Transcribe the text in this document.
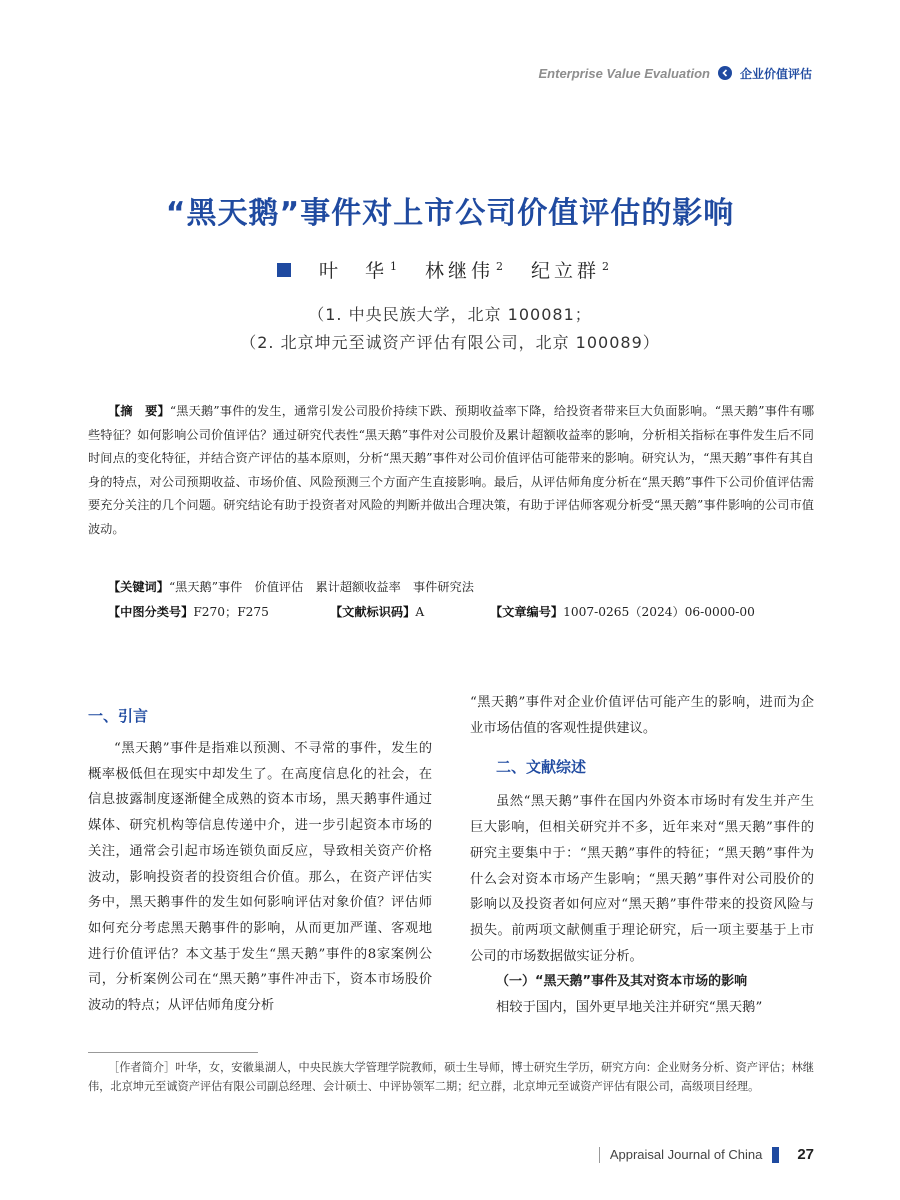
Enterprise Value Evaluation	企业价值评估
“黑天鹅”事件对上市公司价值评估的影响
叶　华 $^1$ 林继伟 $^2$ 纪立群 $^2$
（1. 中央民族大学，北京 100081；
（2. 北京坤元至诚资产评估有限公司，北京 100089）
【摘　要】“黑天鹅”事件的发生，通常引发公司股价持续下跌、预期收益率下降，给投资者带来巨大负面影响。“黑天鹅”事件有哪些特征？如何影响公司价值评估？通过研究代表性“黑天鹅”事件对公司股价及累计超额收益率的影响，分析相关指标在事件发生后不同时间点的变化特征，并结合资产评估的基本原则，分析“黑天鹅”事件对公司价值评估可能带来的影响。研究认为，“黑天鹅”事件有其自身的特点，对公司预期收益、市场价值、风险预测三个方面产生直接影响。最后，从评估师角度分析在“黑天鹅”事件下公司价值评估需要充分关注的几个问题。研究结论有助于投资者对风险的判断并做出合理决策，有助于评估师客观分析受“黑天鹅”事件影响的公司市值波动。
【关键词】“黑天鹅”事件　价值评估　累计超额收益率　事件研究法
【中图分类号】F270；F275	【文献标识码】A	【文章编号】1007-0265（2024）06-0000-00
一、引言

“黑天鹅”事件是指难以预测、不寻常的事件，发生的概率极低但在现实中却发生了。在高度信息化的社会，在信息披露制度逐渐健全成熟的资本市场，黑天鹅事件通过媒体、研究机构等信息传递中介，进一步引起资本市场的关注，通常会引起市场连锁负面反应，导致相关资产价格波动，影响投资者的投资组合价值。那么，在资产评估实务中，黑天鹅事件的发生如何影响评估对象价值？评估师如何充分考虑黑天鹅事件的影响，从而更加严谨、客观地进行价值评估？本文基于发生“黑天鹅”事件的8家案例公司，分析案例公司在“黑天鹅”事件冲击下，资本市场股价波动的特点；从评估师角度分析

“黑天鹅”事件对企业价值评估可能产生的影响，进而为企业市场估值的客观性提供建议。

二、文献综述

虽然“黑天鹅”事件在国内外资本市场时有发生并产生巨大影响，但相关研究并不多，近年来对“黑天鹅”事件的研究主要集中于：“黑天鹅”事件的特征；“黑天鹅”事件为什么会对资本市场产生影响；“黑天鹅”事件对公司股价的影响以及投资者如何应对“黑天鹅”事件带来的投资风险与损失。前两项文献侧重于理论研究，后一项主要基于上市公司的市场数据做实证分析。

（一）“黑天鹅”事件及其对资本市场的影响

相较于国内，国外更早地关注并研究“黑天鹅”

［作者简介］叶华，女，安徽巢湖人，中央民族大学管理学院教师，硕士生导师，博士研究生学历，研究方向：企业财务分析、资产评估；林继伟，北京坤元至诚资产评估有限公司副总经理、会计硕士、中评协领军二期；纪立群，北京坤元至诚资产评估有限公司，高级项目经理。
Appraisal Journal of China 27
